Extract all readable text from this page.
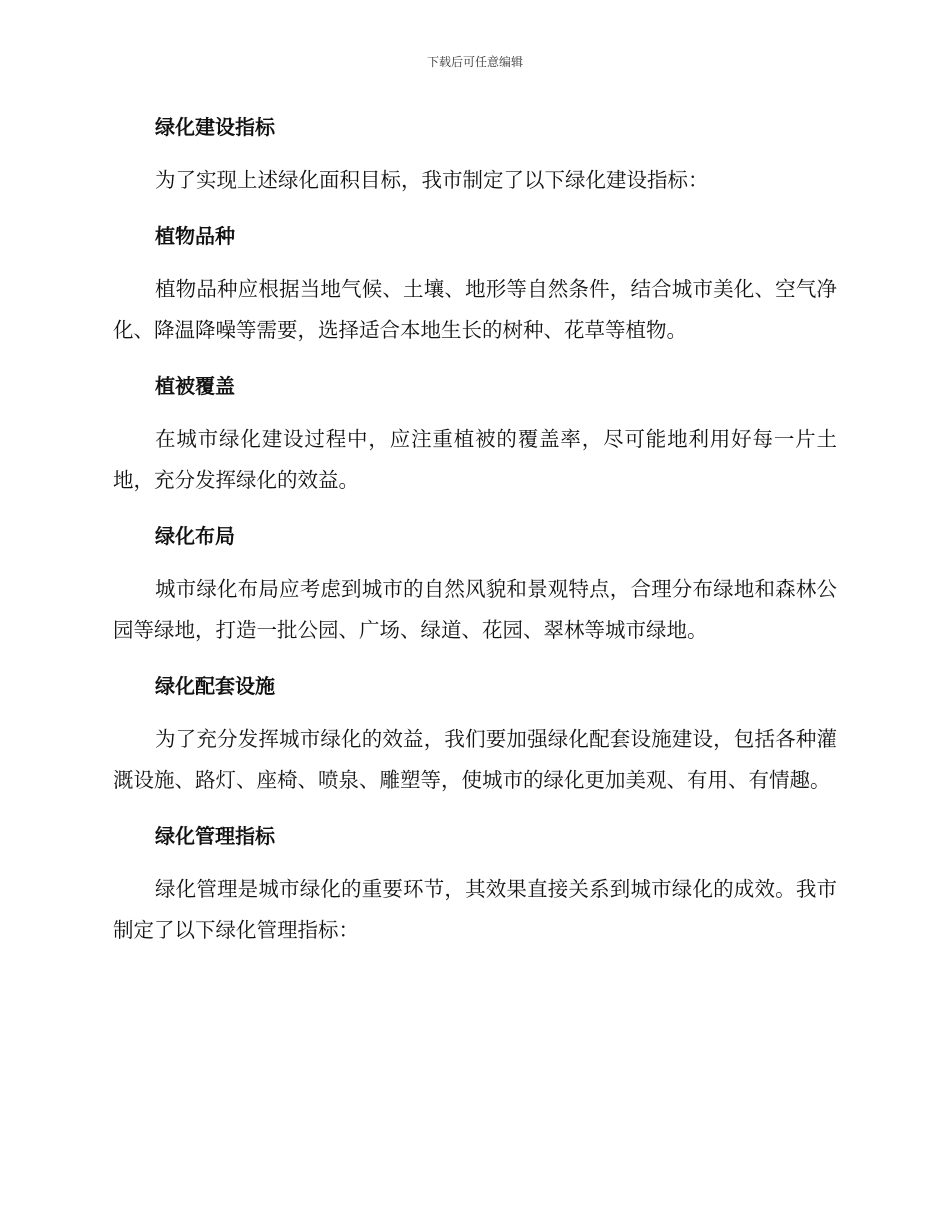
下载后可任意编辑
绿化建设指标

为了实现上述绿化面积目标，我市制定了以下绿化建设指标：

植物品种

植物品种应根据当地气候、土壤、地形等自然条件，结合城市美化、空气净化、降温降噪等需要，选择适合本地生长的树种、花草等植物。

植被覆盖

在城市绿化建设过程中，应注重植被的覆盖率，尽可能地利用好每一片土地，充分发挥绿化的效益。

绿化布局

城市绿化布局应考虑到城市的自然风貌和景观特点，合理分布绿地和森林公园等绿地，打造一批公园、广场、绿道、花园、翠林等城市绿地。

绿化配套设施

为了充分发挥城市绿化的效益，我们要加强绿化配套设施建设，包括各种灌溉设施、路灯、座椅、喷泉、雕塑等，使城市的绿化更加美观、有用、有情趣。

绿化管理指标

绿化管理是城市绿化的重要环节，其效果直接关系到城市绿化的成效。我市制定了以下绿化管理指标：
